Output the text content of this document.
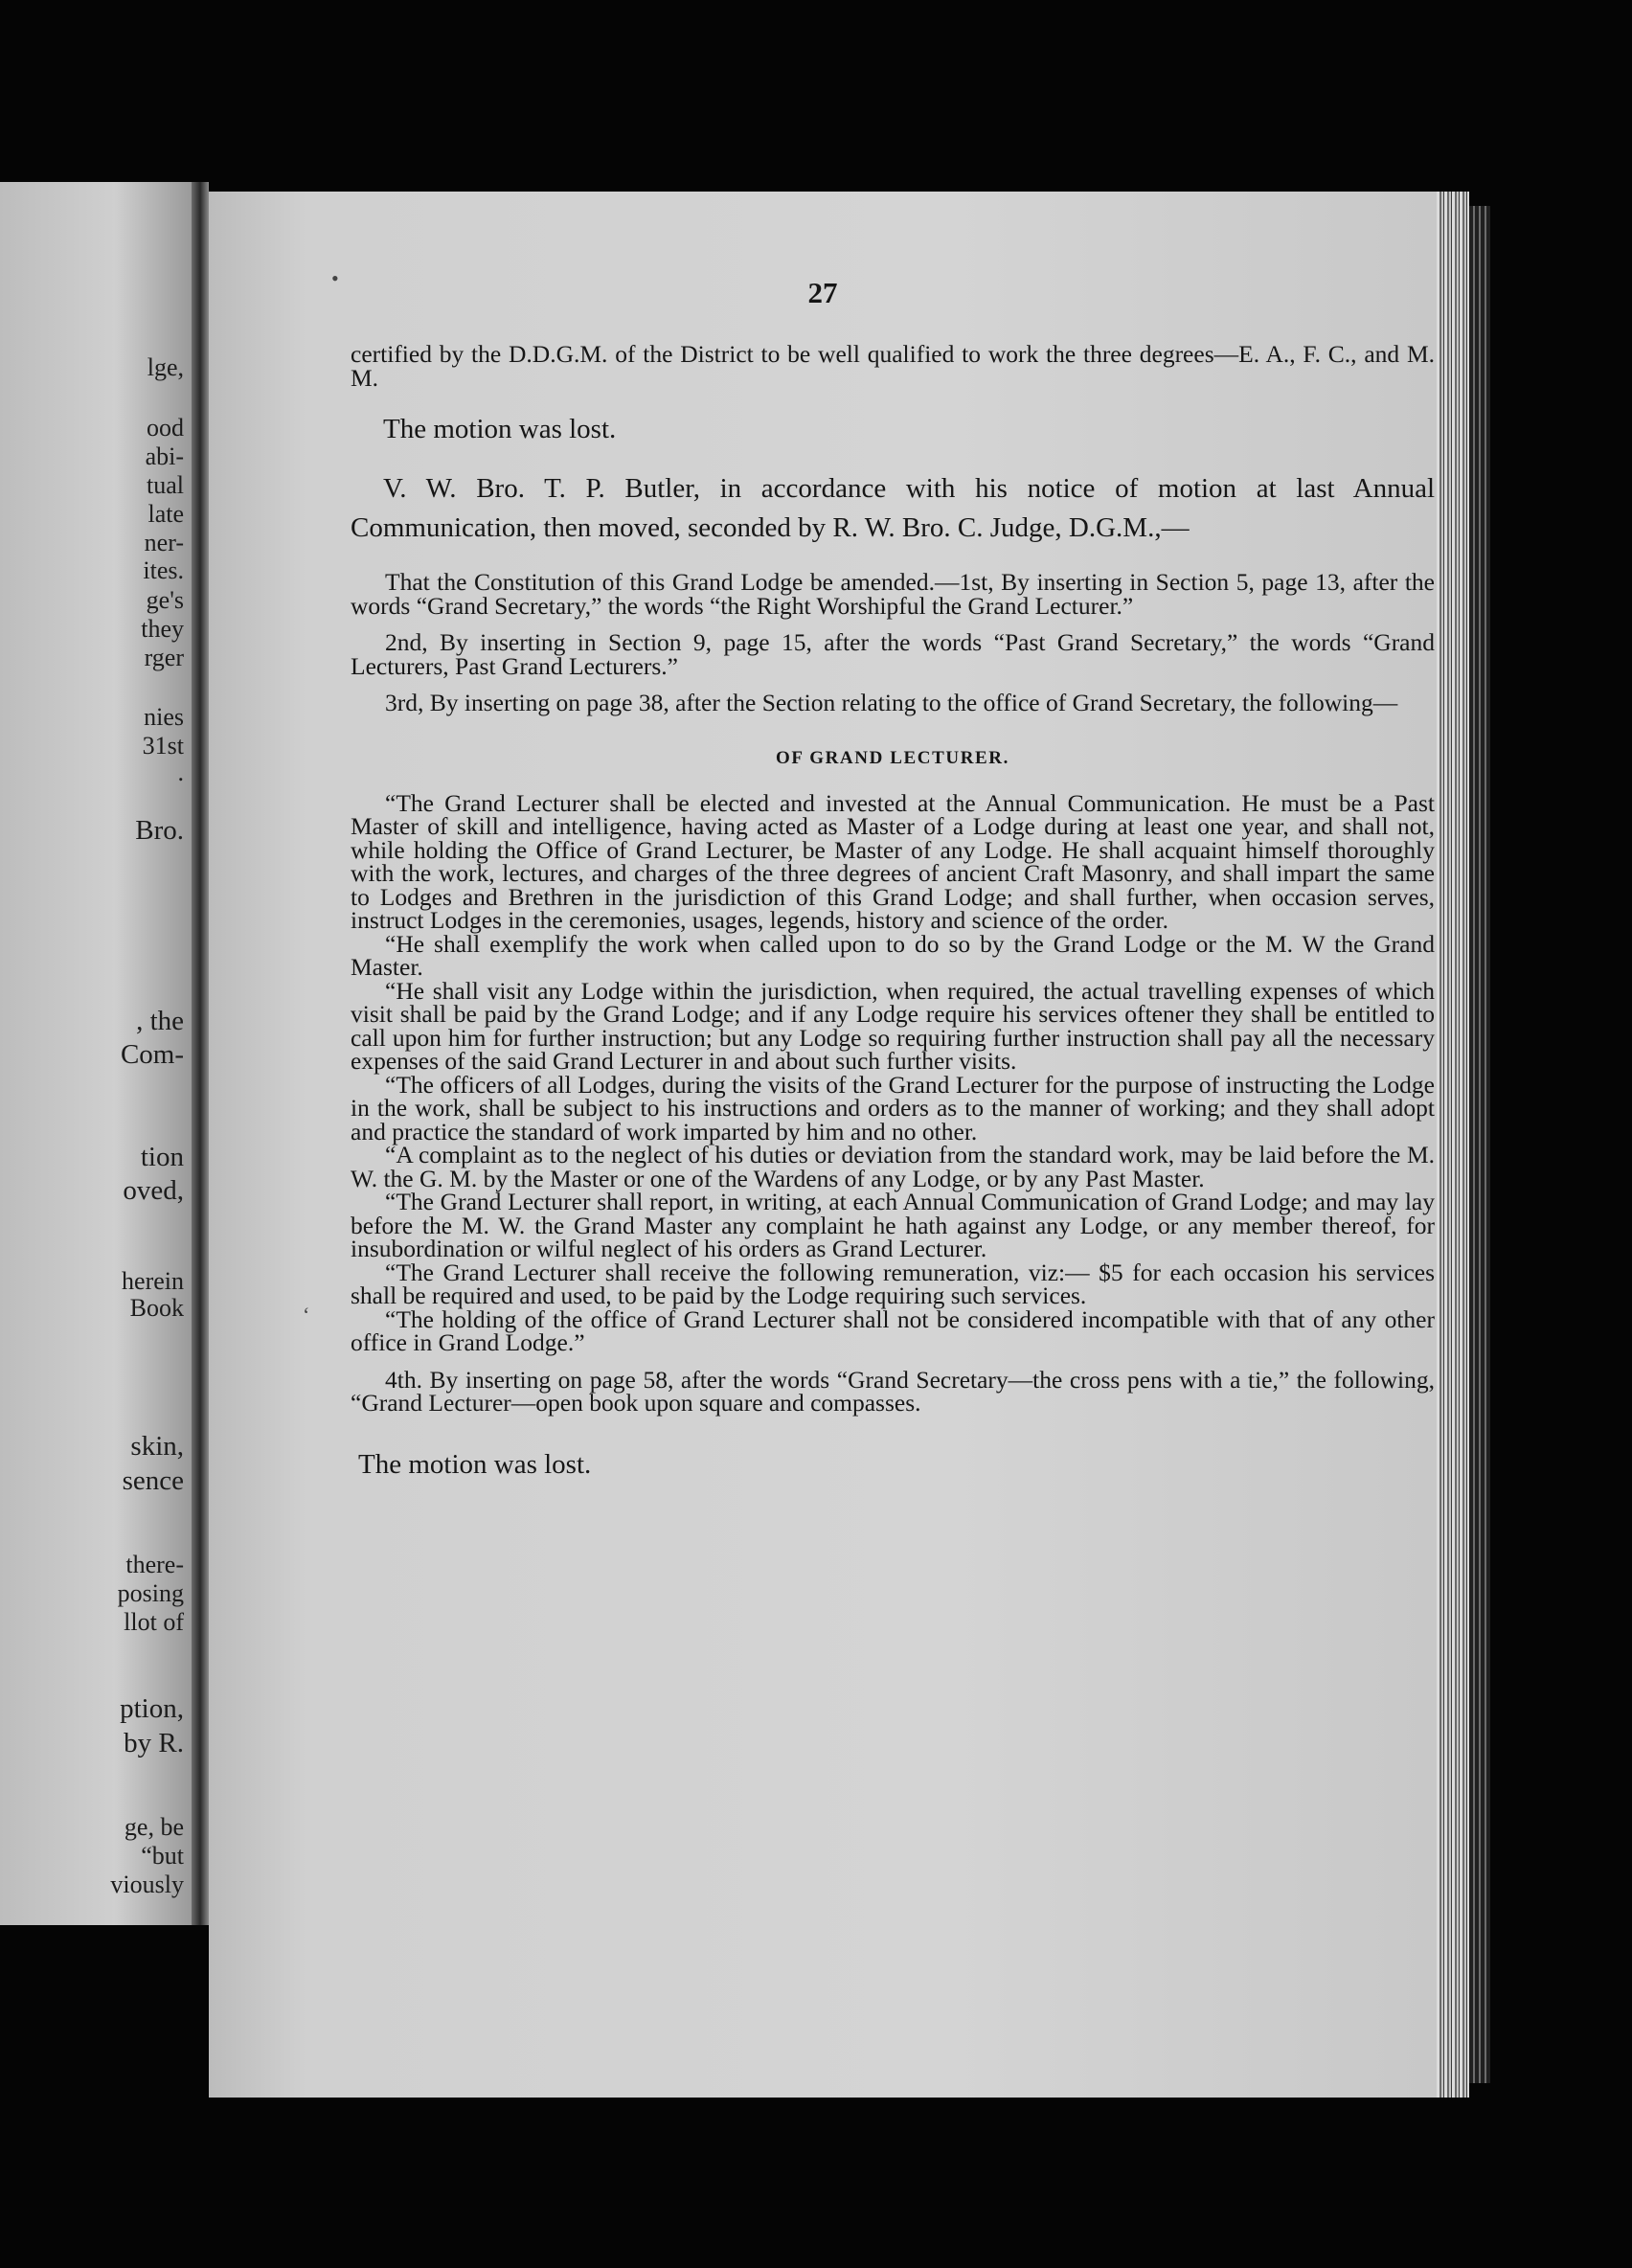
lge,
ood
abi-
tual
late
ner-
ites.
ge's
they
rger
nies
31st
.
Bro.
, the
Com-
tion
oved,
herein
Book
skin,
sence
there-
posing
llot of
ption,
by R.
ge, be
“but
viously
27
•
‘

certified by the D.D.G.M. of the District to be well qualified to work the three degrees—E. A., F. C., and M. M.

The motion was lost.

V. W. Bro. T. P. Butler, in accordance with his notice of motion at last Annual Communication, then moved, seconded by R. W. Bro. C. Judge, D.G.M.,—

That the Constitution of this Grand Lodge be amended.—1st, By inserting in Section 5, page 13, after the words “Grand Secretary,” the words “the Right Worshipful the Grand Lecturer.”

2nd, By inserting in Section 9, page 15, after the words “Past Grand Secretary,” the words “Grand Lecturers, Past Grand Lecturers.”

3rd, By inserting on page 38, after the Section relating to the office of Grand Secretary, the following—

OF GRAND LECTURER.

“The Grand Lecturer shall be elected and invested at the Annual Communication. He must be a Past Master of skill and intelligence, having acted as Master of a Lodge during at least one year, and shall not, while holding the Office of Grand Lecturer, be Master of any Lodge. He shall acquaint himself thoroughly with the work, lectures, and charges of the three degrees of ancient Craft Masonry, and shall impart the same to Lodges and Brethren in the jurisdiction of this Grand Lodge; and shall further, when occasion serves, instruct Lodges in the ceremonies, usages, legends, history and science of the order.

“He shall exemplify the work when called upon to do so by the Grand Lodge or the M. W the Grand Master.

“He shall visit any Lodge within the jurisdiction, when required, the actual travelling expenses of which visit shall be paid by the Grand Lodge; and if any Lodge require his services oftener they shall be entitled to call upon him for further instruction; but any Lodge so requiring further instruction shall pay all the necessary expenses of the said Grand Lecturer in and about such further visits.

“The officers of all Lodges, during the visits of the Grand Lecturer for the purpose of instructing the Lodge in the work, shall be subject to his instructions and orders as to the manner of working; and they shall adopt and practice the standard of work imparted by him and no other.

“A complaint as to the neglect of his duties or deviation from the standard work, may be laid before the M. W. the G. M. by the Master or one of the Wardens of any Lodge, or by any Past Master.

“The Grand Lecturer shall report, in writing, at each Annual Communication of Grand Lodge; and may lay before the M. W. the Grand Master any complaint he hath against any Lodge, or any member thereof, for insubordination or wilful neglect of his orders as Grand Lecturer.

“The Grand Lecturer shall receive the following remuneration, viz:— $5 for each occasion his services shall be required and used, to be paid by the Lodge requiring such services.

“The holding of the office of Grand Lecturer shall not be considered incompatible with that of any other office in Grand Lodge.”

4th. By inserting on page 58, after the words “Grand Secretary—the cross pens with a tie,” the following, “Grand Lecturer—open book upon square and compasses.

The motion was lost.
